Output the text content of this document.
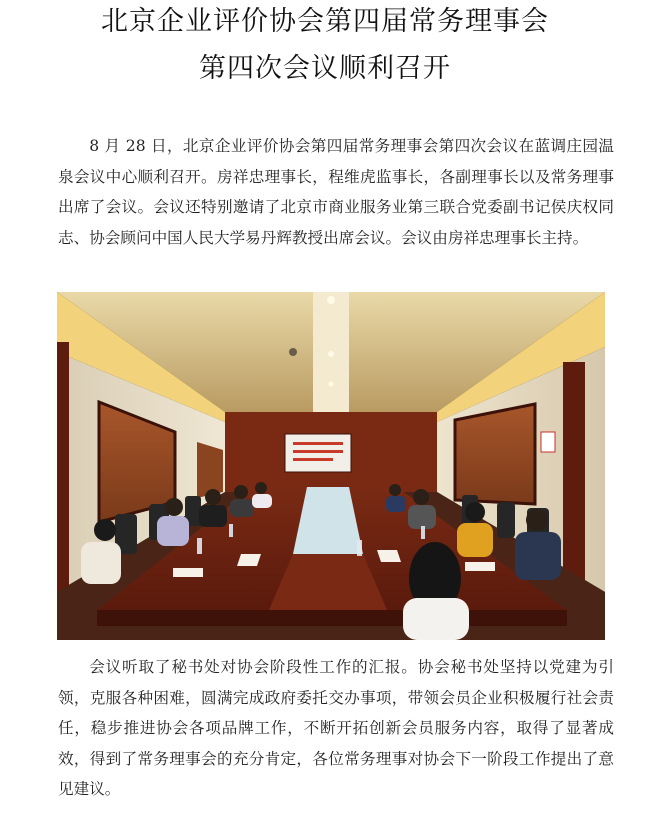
北京企业评价协会第四届常务理事会
第四次会议顺利召开
8 月 28 日，北京企业评价协会第四届常务理事会第四次会议在蓝调庄园温泉会议中心顺利召开。房祥忠理事长，程维虎监事长，各副理事长以及常务理事出席了会议。会议还特别邀请了北京市商业服务业第三联合党委副书记侯庆权同志、协会顾问中国人民大学易丹辉教授出席会议。会议由房祥忠理事长主持。
会议听取了秘书处对协会阶段性工作的汇报。协会秘书处坚持以党建为引领，克服各种困难，圆满完成政府委托交办事项，带领会员企业积极履行社会责任，稳步推进协会各项品牌工作，不断开拓创新会员服务内容，取得了显著成效，得到了常务理事会的充分肯定，各位常务理事对协会下一阶段工作提出了意见建议。
